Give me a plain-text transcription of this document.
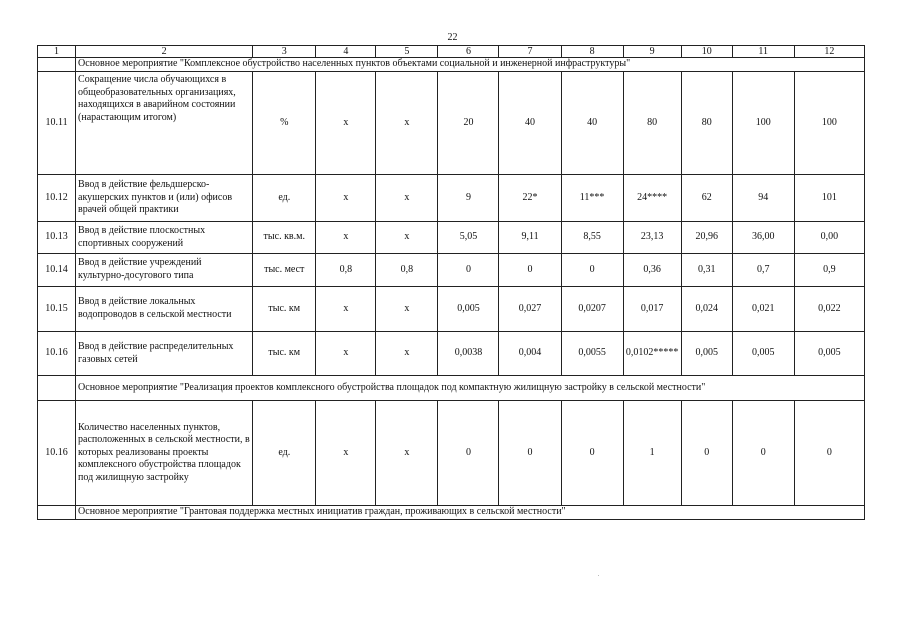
22
1	2	3	4	5	6	7	8	9	10	11	12
	Основное мероприятие "Комплексное обустройство населенных пунктов объектами социальной и инженерной инфраструктуры"										
10.11	Сокращение числа обучающихся в общеобразовательных организациях, находящихся в аварийном состоянии (нарастающим итогом)	%	x	x	20	40	40	80	80	100	100
10.12	Ввод в действие фельдшерско-акушерских пунктов и (или) офисов врачей общей практики	ед.	x	x	9	22*	11***	24****	62	94	101
10.13	Ввод в действие плоскостных спортивных сооружений	тыс. кв.м.	x	x	5,05	9,11	8,55	23,13	20,96	36,00	0,00
10.14	Ввод в действие учреждений культурно-досугового типа	тыс. мест	0,8	0,8	0	0	0	0,36	0,31	0,7	0,9
10.15	Ввод в действие локальных водопроводов в сельской местности	тыс. км	x	x	0,005	0,027	0,0207	0,017	0,024	0,021	0,022
10.16	Ввод в действие распределительных газовых сетей	тыс. км	x	x	0,0038	0,004	0,0055	0,0102*****	0,005	0,005	0,005
	Основное мероприятие "Реализация проектов комплексного обустройства площадок под компактную жилищную застройку в сельской местности"										
10.16	Количество населенных пунктов, расположенных в сельской местности, в которых реализованы проекты комплексного обустройства площадок под жилищную застройку	ед.	x	x	0	0	0	1	0	0	0
	Основное мероприятие "Грантовая поддержка местных инициатив граждан, проживающих в сельской местности"										
